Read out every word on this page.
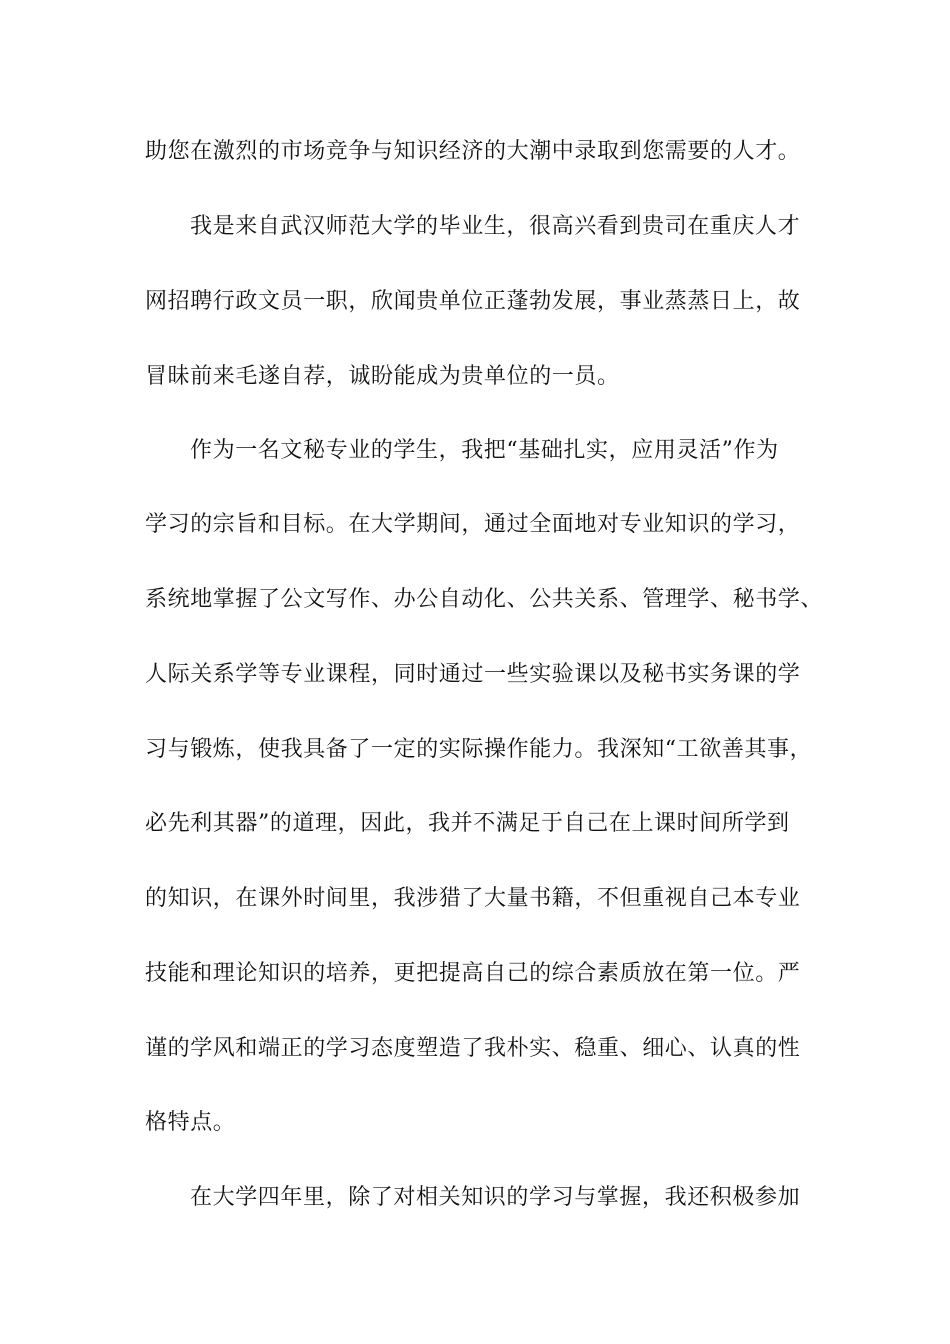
助您在激烈的市场竞争与知识经济的大潮中录取到您需要的人才。

我是来自武汉师范大学的毕业生，很高兴看到贵司在重庆人才

网招聘行政文员一职，欣闻贵单位正蓬勃发展，事业蒸蒸日上，故

冒昧前来毛遂自荐，诚盼能成为贵单位的一员。

作为一名文秘专业的学生，我把“基础扎实，应用灵活”作为

学习的宗旨和目标。在大学期间，通过全面地对专业知识的学习，

系统地掌握了公文写作、办公自动化、公共关系、管理学、秘书学、

人际关系学等专业课程，同时通过一些实验课以及秘书实务课的学

习与锻炼，使我具备了一定的实际操作能力。我深知“工欲善其事，

必先利其器”的道理，因此，我并不满足于自己在上课时间所学到

的知识，在课外时间里，我涉猎了大量书籍，不但重视自己本专业

技能和理论知识的培养，更把提高自己的综合素质放在第一位。严

谨的学风和端正的学习态度塑造了我朴实、稳重、细心、认真的性

格特点。

在大学四年里，除了对相关知识的学习与掌握，我还积极参加
